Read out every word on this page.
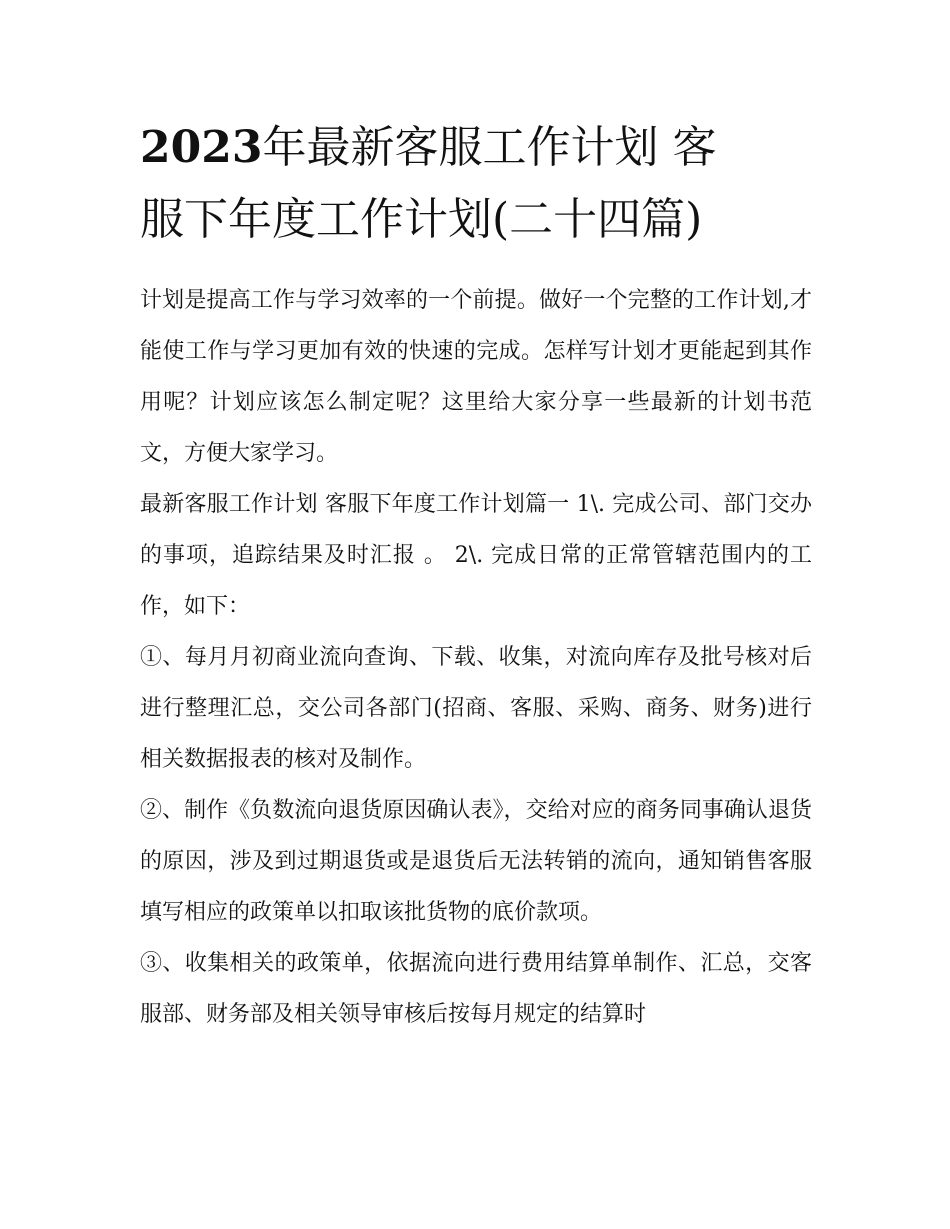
2023年最新客服工作计划 客
服下年度工作计划(二十四篇)

计划是提高工作与学习效率的一个前提。做好一个完整的工作计划,才能使工作与学习更加有效的快速的完成。怎样写计划才更能起到其作用呢？计划应该怎么制定呢？这里给大家分享一些最新的计划书范文，方便大家学习。

最新客服工作计划 客服下年度工作计划篇一 1\. 完成公司、部门交办的事项，追踪结果及时汇报 。 2\. 完成日常的正常管辖范围内的工作，如下：

①、每月月初商业流向查询、下载、收集，对流向库存及批号核对后进行整理汇总，交公司各部门(招商、客服、采购、商务、财务)进行相关数据报表的核对及制作。

②、制作《负数流向退货原因确认表》，交给对应的商务同事确认退货的原因，涉及到过期退货或是退货后无法转销的流向，通知销售客服填写相应的政策单以扣取该批货物的底价款项。

③、收集相关的政策单，依据流向进行费用结算单制作、汇总，交客服部、财务部及相关领导审核后按每月规定的结算时
